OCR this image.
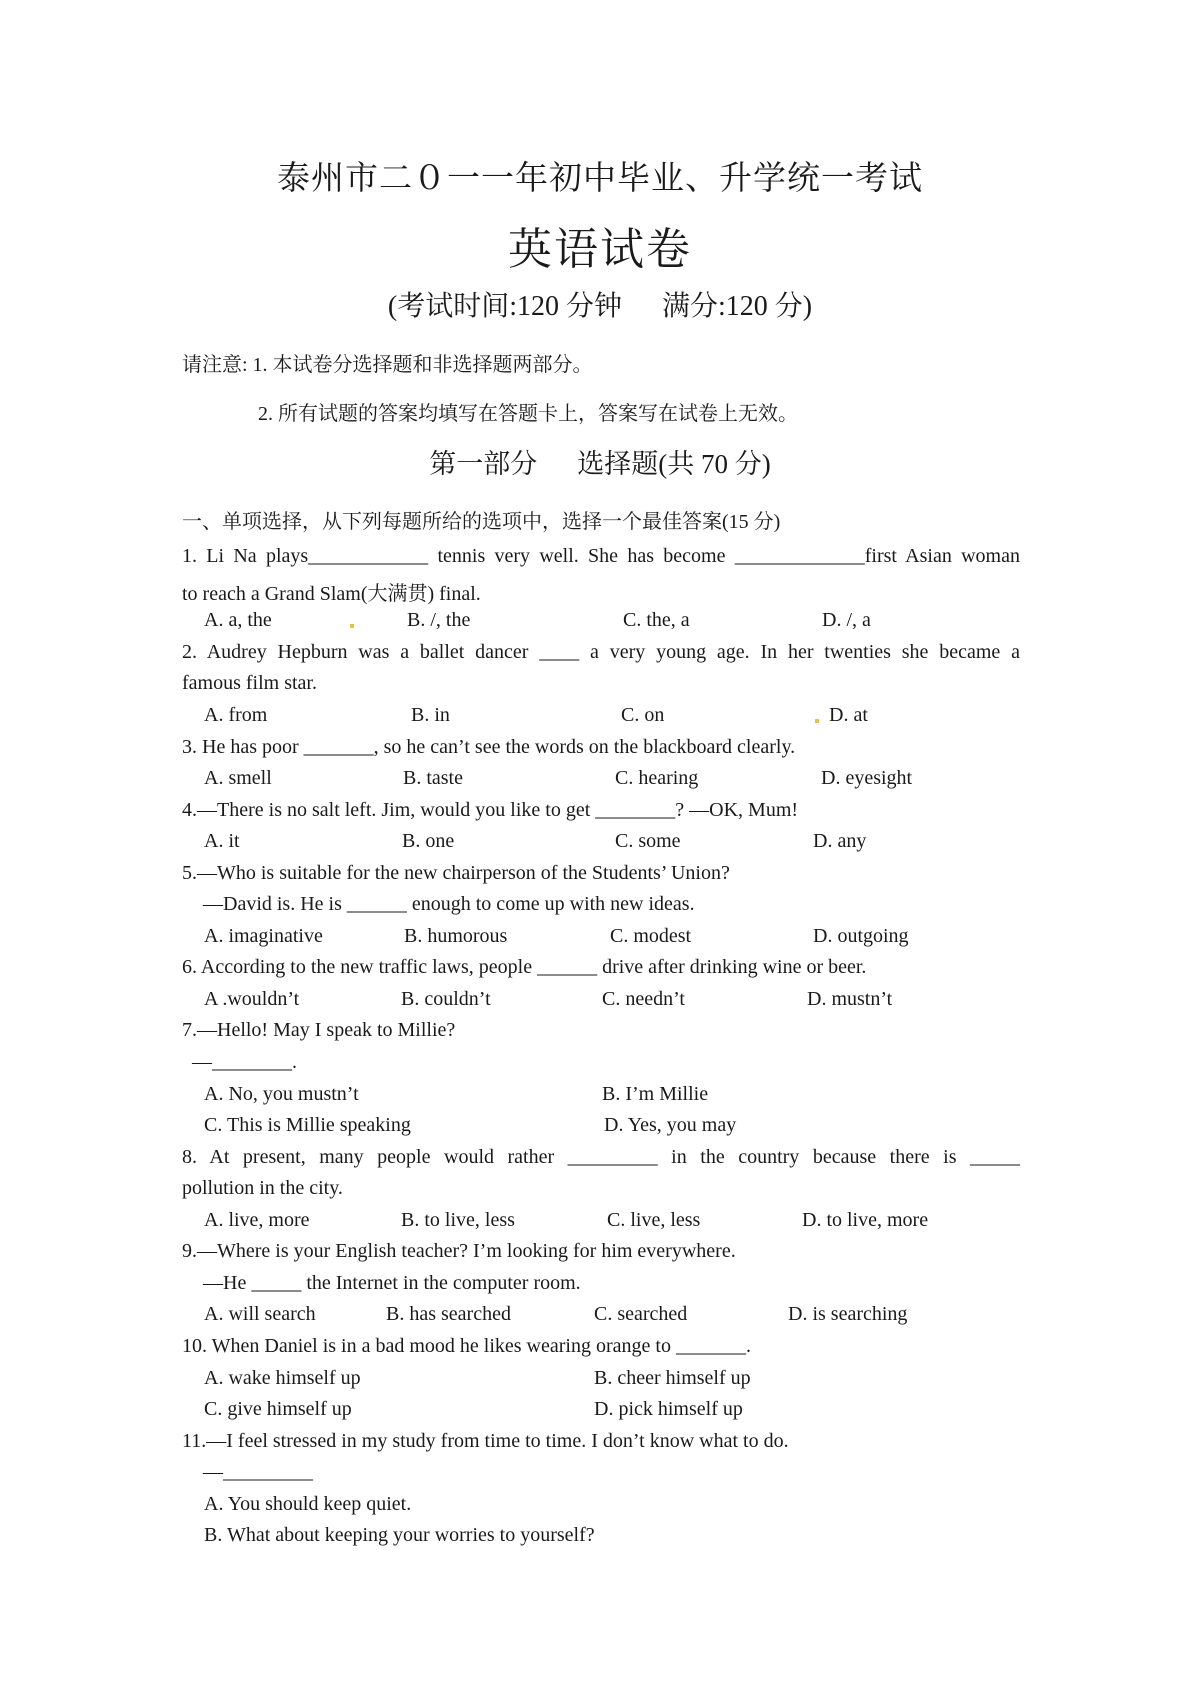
泰州市二０一一年初中毕业、升学统一考试
英语试卷
(考试时间:120 分钟 满分:120 分)
请注意: 1. 本试卷分选择题和非选择题两部分。
2. 所有试题的答案均填写在答题卡上，答案写在试卷上无效。
第一部分 选择题(共 70 分)
一、单项选择，从下列每题所给的选项中，选择一个最佳答案(15 分)
1. Li Na plays____________ tennis very well. She has become _____________first Asian woman
to reach a Grand Slam(大满贯) final.
A. a, the	B. /, the	C. the, a	D. /, a
2. Audrey Hepburn was a ballet dancer ____ a very young age. In her twenties she became a
famous film star.
A. from	B. in	C. on	D. at
3. He has poor _______, so he can’t see the words on the blackboard clearly.
A. smell	B. taste	C. hearing	D. eyesight
4.—There is no salt left. Jim, would you like to get ________? —OK, Mum!
A. it	B. one	C. some	D. any
5.—Who is suitable for the new chairperson of the Students’ Union?
—David is. He is ______ enough to come up with new ideas.
A. imaginative	B. humorous	C. modest	D. outgoing
6. According to the new traffic laws, people ______ drive after drinking wine or beer.
A .wouldn’t	B. couldn’t	C. needn’t	D. mustn’t
7.—Hello! May I speak to Millie?
—________.
A. No, you mustn’t	B. I’m Millie
C. This is Millie speaking	D. Yes, you may
8. At present, many people would rather _________ in the country because there is _____
pollution in the city.
A. live, more	B. to live, less	C. live, less	D. to live, more
9.—Where is your English teacher? I’m looking for him everywhere.
—He _____ the Internet in the computer room.
A. will search	B. has searched	C. searched	D. is searching
10. When Daniel is in a bad mood he likes wearing orange to _______.
A. wake himself up	B. cheer himself up
C. give himself up	D. pick himself up
11.—I feel stressed in my study from time to time. I don’t know what to do.
—_________
A. You should keep quiet.
B. What about keeping your worries to yourself?
